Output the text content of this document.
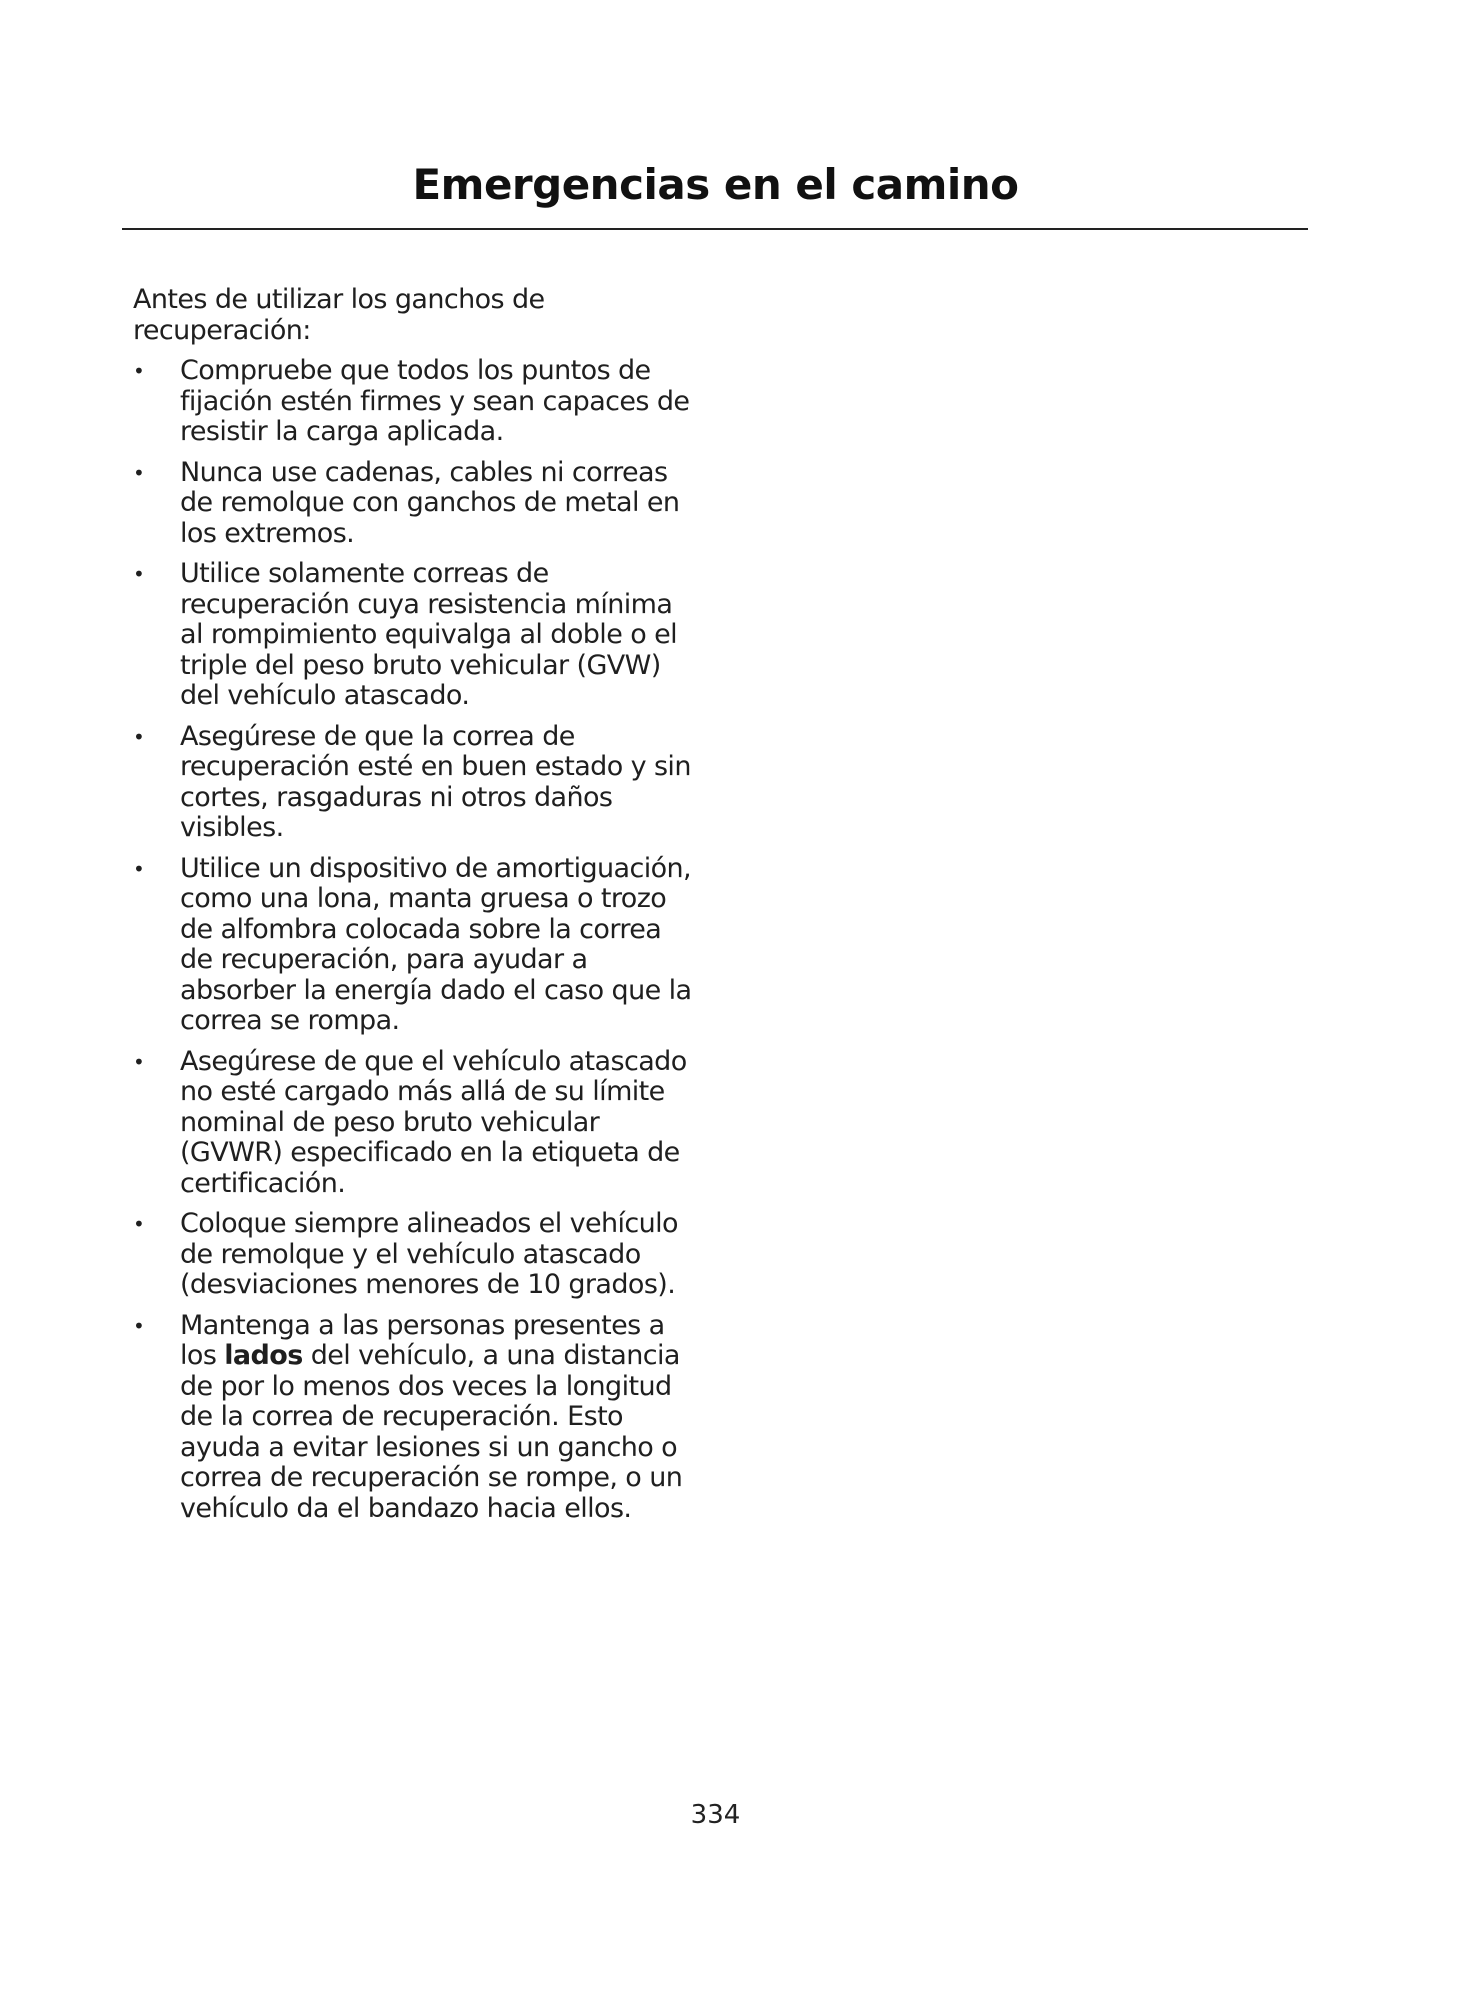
Emergencias en el camino

Antes de utilizar los ganchos de recuperación:

•	Compruebe que todos los puntos de fijación estén firmes y sean capaces de resistir la carga aplicada.
•	Nunca use cadenas, cables ni correas de remolque con ganchos de metal en los extremos.
•	Utilice solamente correas de recuperación cuya resistencia mínima al rompimiento equivalga al doble o el triple del peso bruto vehicular (GVW) del vehículo atascado.
•	Asegúrese de que la correa de recuperación esté en buen estado y sin cortes, rasgaduras ni otros daños visibles.
•	Utilice un dispositivo de amortiguación, como una lona, manta gruesa o trozo de alfombra colocada sobre la correa de recuperación, para ayudar a absorber la energía dado el caso que la correa se rompa.
•	Asegúrese de que el vehículo atascado no esté cargado más allá de su límite nominal de peso bruto vehicular (GVWR) especificado en la etiqueta de certificación.
•	Coloque siempre alineados el vehículo de remolque y el vehículo atascado (desviaciones menores de 10 grados).
•	Mantenga a las personas presentes a los lados del vehículo, a una distancia de por lo menos dos veces la longitud de la correa de recuperación. Esto ayuda a evitar lesiones si un gancho o correa de recuperación se rompe, o un vehículo da el bandazo hacia ellos.
334
